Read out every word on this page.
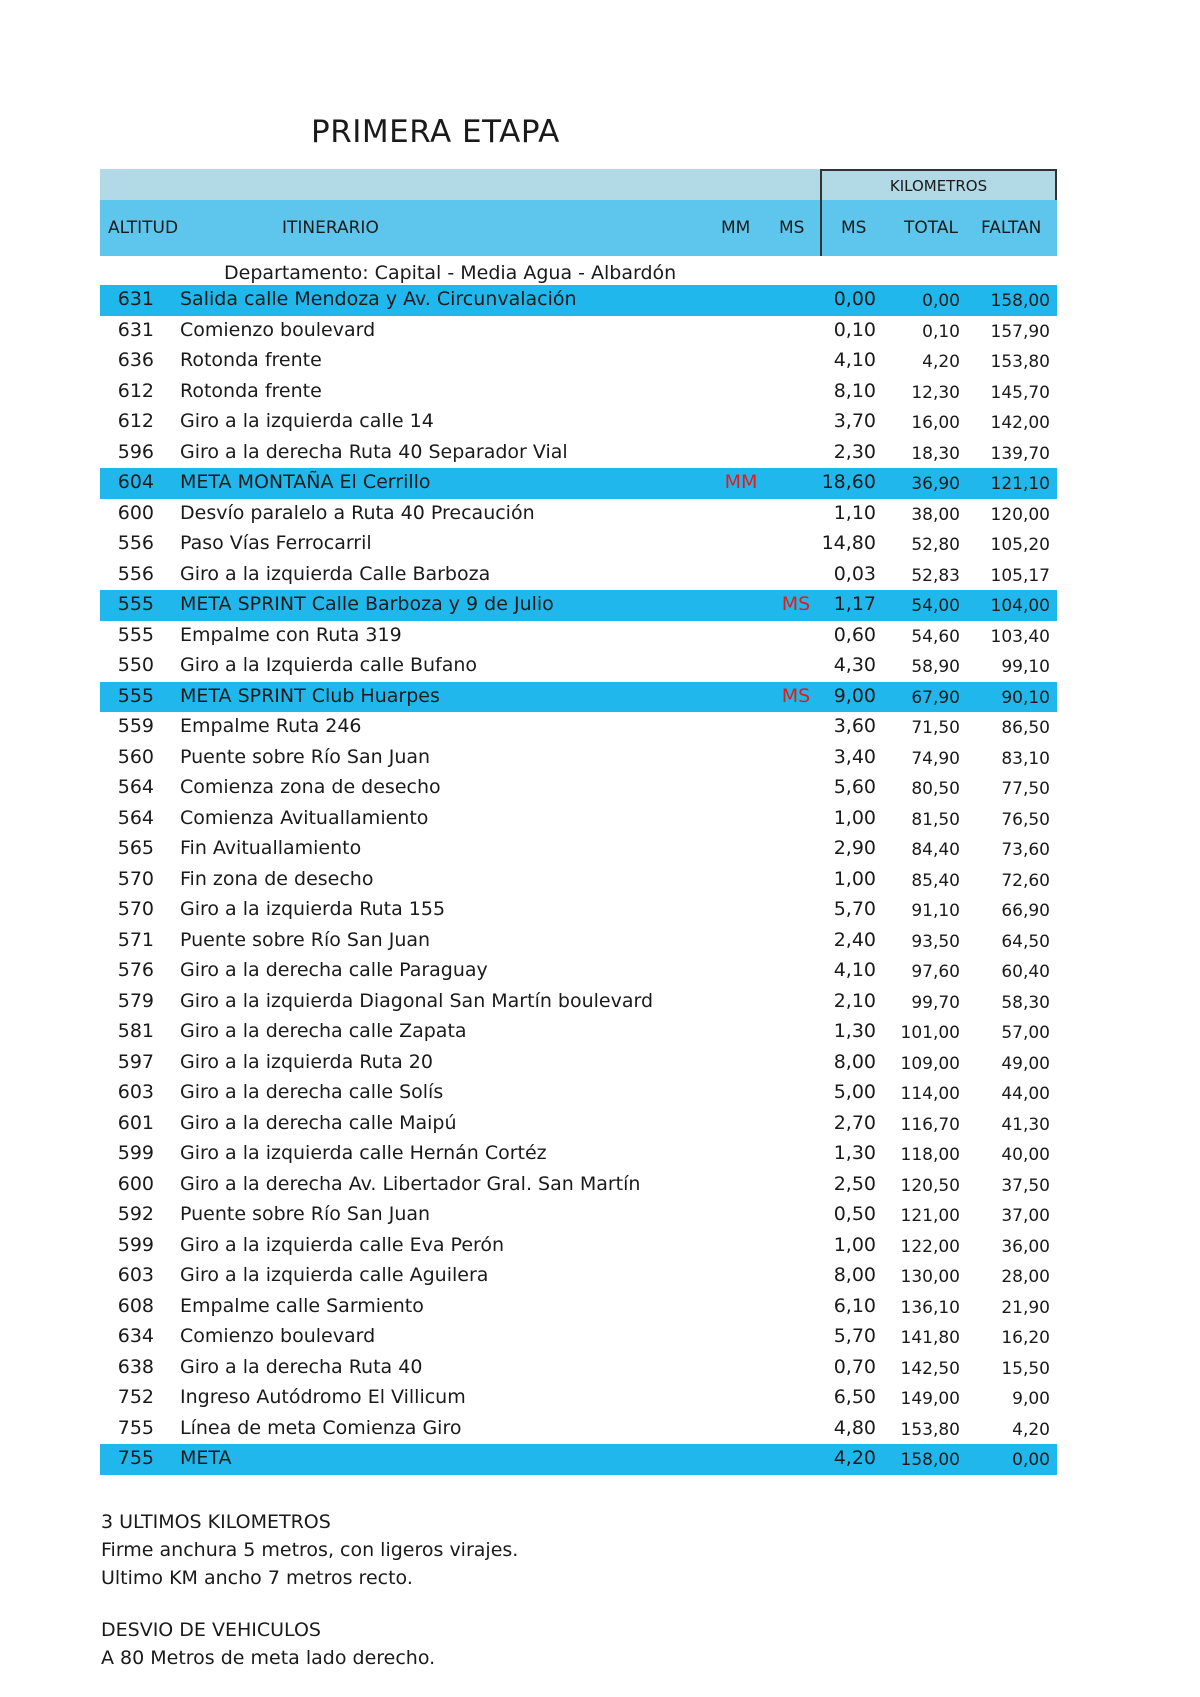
PRIMERA ETAPA
KILOMETROS
ALTITUD	ITINERARIO	MM MS MS TOTAL FALTAN
Departamento: Capital - Media Agua - Albardón
631 Salida calle Mendoza y Av. Circunvalación	0,00	0,00	158,00
631 Comienzo boulevard	0,10	0,10	157,90
636 Rotonda frente	4,10	4,20	153,80
612 Rotonda frente	8,10	12,30	145,70
612 Giro a la izquierda calle 14	3,70	16,00	142,00
596 Giro a la derecha Ruta 40 Separador Vial	2,30	18,30	139,70
604 META MONTAÑA El Cerrillo	MM	18,60	36,90	121,10
600 Desvío paralelo a Ruta 40 Precaución	1,10	38,00	120,00
556 Paso Vías Ferrocarril	14,80	52,80	105,20
556 Giro a la izquierda Calle Barboza	0,03	52,83	105,17
555 META SPRINT Calle Barboza y 9 de Julio	MS	1,17	54,00	104,00
555 Empalme con Ruta 319	0,60	54,60	103,40
550 Giro a la Izquierda calle Bufano	4,30	58,90	99,10
555 META SPRINT Club Huarpes	MS	9,00	67,90	90,10
559 Empalme Ruta 246	3,60	71,50	86,50
560 Puente sobre Río San Juan	3,40	74,90	83,10
564 Comienza zona de desecho	5,60	80,50	77,50
564 Comienza Avituallamiento	1,00	81,50	76,50
565 Fin Avituallamiento	2,90	84,40	73,60
570 Fin zona de desecho	1,00	85,40	72,60
570 Giro a la izquierda Ruta 155	5,70	91,10	66,90
571 Puente sobre Río San Juan	2,40	93,50	64,50
576 Giro a la derecha calle Paraguay	4,10	97,60	60,40
579 Giro a la izquierda Diagonal San Martín boulevard	2,10	99,70	58,30
581 Giro a la derecha calle Zapata	1,30	101,00	57,00
597 Giro a la izquierda Ruta 20	8,00	109,00	49,00
603 Giro a la derecha calle Solís	5,00	114,00	44,00
601 Giro a la derecha calle Maipú	2,70	116,70	41,30
599 Giro a la izquierda calle Hernán Cortéz	1,30	118,00	40,00
600 Giro a la derecha Av. Libertador Gral. San Martín	2,50	120,50	37,50
592 Puente sobre Río San Juan	0,50	121,00	37,00
599 Giro a la izquierda calle Eva Perón	1,00	122,00	36,00
603 Giro a la izquierda calle Aguilera	8,00	130,00	28,00
608 Empalme calle Sarmiento	6,10	136,10	21,90
634 Comienzo boulevard	5,70	141,80	16,20
638 Giro a la derecha Ruta 40	0,70	142,50	15,50
752 Ingreso Autódromo El Villicum	6,50	149,00	9,00
755 Línea de meta Comienza Giro	4,80	153,80	4,20
755 META	4,20	158,00	0,00
3 ULTIMOS KILOMETROS
Firme anchura 5 metros, con ligeros virajes.
Ultimo KM ancho 7 metros recto.
DESVIO DE VEHICULOS
A 80 Metros de meta lado derecho.
